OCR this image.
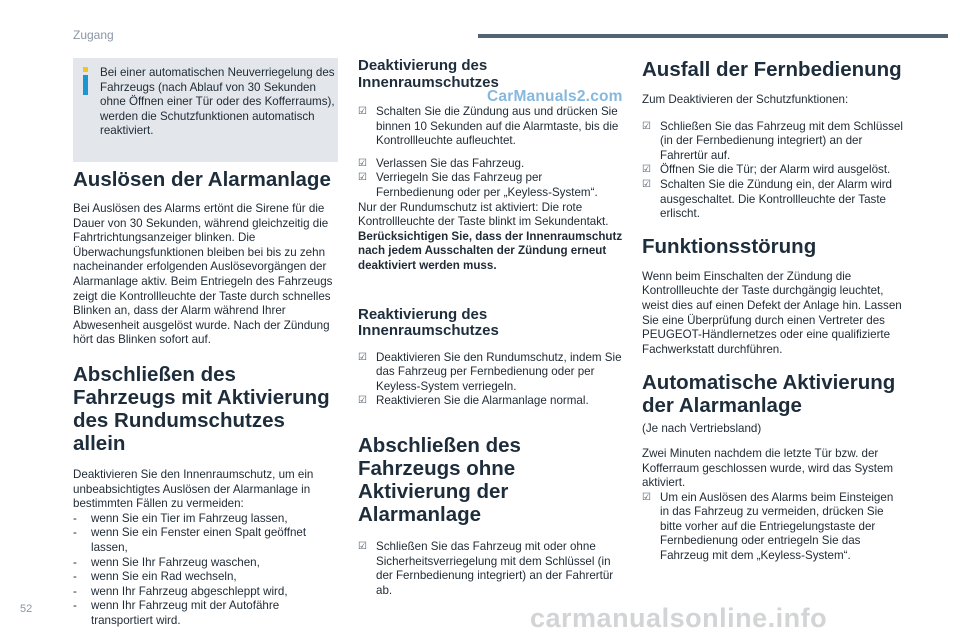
Zugang
Bei einer automatischen Neuverriegelung des Fahrzeugs (nach Ablauf von 30 Sekunden ohne Öffnen einer Tür oder des Kofferraums), werden die Schutzfunktionen automatisch reaktiviert.
Auslösen der Alarmanlage

Bei Auslösen des Alarms ertönt die Sirene für die Dauer von 30 Sekunden, während gleichzeitig die Fahrtrichtungsanzeiger blinken. Die Überwachungsfunktionen bleiben bei bis zu zehn nacheinander erfolgenden Auslösevorgängen der Alarmanlage aktiv. Beim Entriegeln des Fahrzeugs zeigt die Kontrollleuchte der Taste durch schnelles Blinken an, dass der Alarm während Ihrer Abwesenheit ausgelöst wurde. Nach der Zündung hört das Blinken sofort auf.

Abschließen des Fahrzeugs mit Aktivierung des Rundumschutzes allein

Deaktivieren Sie den Innenraumschutz, um ein unbeabsichtigtes Auslösen der Alarmanlage in bestimmten Fällen zu vermeiden:

- wenn Sie ein Tier im Fahrzeug lassen,
- wenn Sie ein Fenster einen Spalt geöffnet lassen,
- wenn Sie Ihr Fahrzeug waschen,
- wenn Sie ein Rad wechseln,
- wenn Ihr Fahrzeug abgeschleppt wird,
- wenn Ihr Fahrzeug mit der Autofähre transportiert wird.
Deaktivierung des Innenraumschutzes
☑ Schalten Sie die Zündung aus und drücken Sie binnen 10 Sekunden auf die Alarmtaste, bis die Kontrollleuchte aufleuchtet.
☑ Verlassen Sie das Fahrzeug.
☑ Verriegeln Sie das Fahrzeug per Fernbedienung oder per „Keyless-System“.

Nur der Rundumschutz ist aktiviert: Die rote Kontrollleuchte der Taste blinkt im Sekundentakt.

Berücksichtigen Sie, dass der Innenraumschutz nach jedem Ausschalten der Zündung erneut deaktiviert werden muss.

Reaktivierung des Innenraumschutzes
☑ Deaktivieren Sie den Rundumschutz, indem Sie das Fahrzeug per Fernbedienung oder per Keyless-System verriegeln.
☑ Reaktivieren Sie die Alarmanlage normal.
Abschließen des Fahrzeugs ohne Aktivierung der Alarmanlage
☑ Schließen Sie das Fahrzeug mit oder ohne Sicherheitsverriegelung mit dem Schlüssel (in der Fernbedienung integriert) an der Fahrertür ab.
CarManuals2.com
Ausfall der Fernbedienung

Zum Deaktivieren der Schutzfunktionen:

☑ Schließen Sie das Fahrzeug mit dem Schlüssel (in der Fernbedienung integriert) an der Fahrertür auf.
☑ Öffnen Sie die Tür; der Alarm wird ausgelöst.
☑ Schalten Sie die Zündung ein, der Alarm wird ausgeschaltet. Die Kontrollleuchte der Taste erlischt.
Funktionsstörung

Wenn beim Einschalten der Zündung die Kontrollleuchte der Taste durchgängig leuchtet, weist dies auf einen Defekt der Anlage hin. Lassen Sie eine Überprüfung durch einen Vertreter des PEUGEOT-Händlernetzes oder eine qualifizierte Fachwerkstatt durchführen.

Automatische Aktivierung der Alarmanlage

(Je nach Vertriebsland)

Zwei Minuten nachdem die letzte Tür bzw. der Kofferraum geschlossen wurde, wird das System aktiviert.

☑ Um ein Auslösen des Alarms beim Einsteigen in das Fahrzeug zu vermeiden, drücken Sie bitte vorher auf die Entriegelungstaste der Fernbedienung oder entriegeln Sie das Fahrzeug mit dem „Keyless-System“.
52	carmanualsonline.info
